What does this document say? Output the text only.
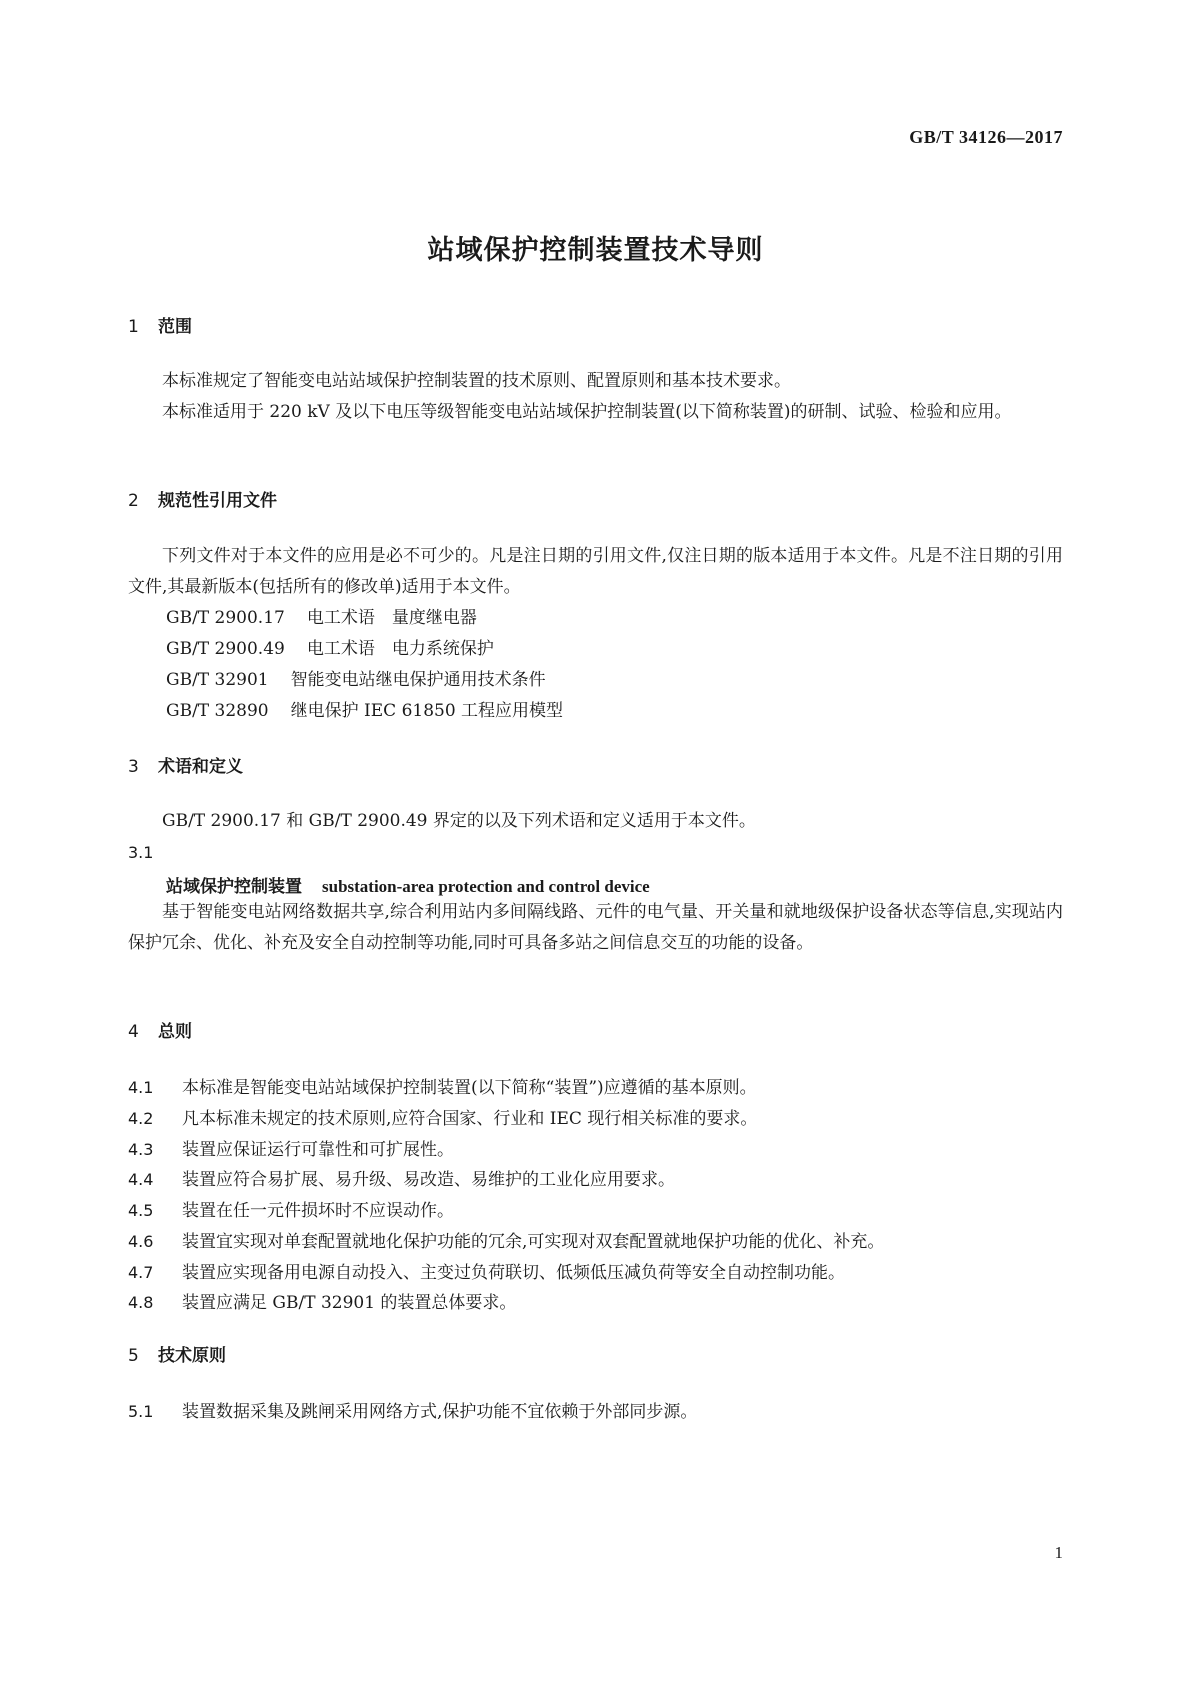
GB/T 34126—2017
站域保护控制装置技术导则
1 范围
本标准规定了智能变电站站域保护控制装置的技术原则、配置原则和基本技术要求。
本标准适用于 220 kV 及以下电压等级智能变电站站域保护控制装置(以下简称装置)的研制、试验、检验和应用。
2 规范性引用文件
下列文件对于本文件的应用是必不可少的。凡是注日期的引用文件,仅注日期的版本适用于本文件。凡是不注日期的引用文件,其最新版本(包括所有的修改单)适用于本文件。
GB/T 2900.17 电工术语　量度继电器
GB/T 2900.49 电工术语　电力系统保护
GB/T 32901 智能变电站继电保护通用技术条件
GB/T 32890 继电保护 IEC 61850 工程应用模型
3 术语和定义
GB/T 2900.17 和 GB/T 2900.49 界定的以及下列术语和定义适用于本文件。
3.1
站域保护控制装置 substation-area protection and control device
基于智能变电站网络数据共享,综合利用站内多间隔线路、元件的电气量、开关量和就地级保护设备状态等信息,实现站内保护冗余、优化、补充及安全自动控制等功能,同时可具备多站之间信息交互的功能的设备。
4 总则
4.1 本标准是智能变电站站域保护控制装置(以下简称“装置”)应遵循的基本原则。
4.2 凡本标准未规定的技术原则,应符合国家、行业和 IEC 现行相关标准的要求。
4.3 装置应保证运行可靠性和可扩展性。
4.4 装置应符合易扩展、易升级、易改造、易维护的工业化应用要求。
4.5 装置在任一元件损坏时不应误动作。
4.6 装置宜实现对单套配置就地化保护功能的冗余,可实现对双套配置就地保护功能的优化、补充。
4.7 装置应实现备用电源自动投入、主变过负荷联切、低频低压减负荷等安全自动控制功能。
4.8 装置应满足 GB/T 32901 的装置总体要求。
5 技术原则
5.1 装置数据采集及跳闸采用网络方式,保护功能不宜依赖于外部同步源。
1
